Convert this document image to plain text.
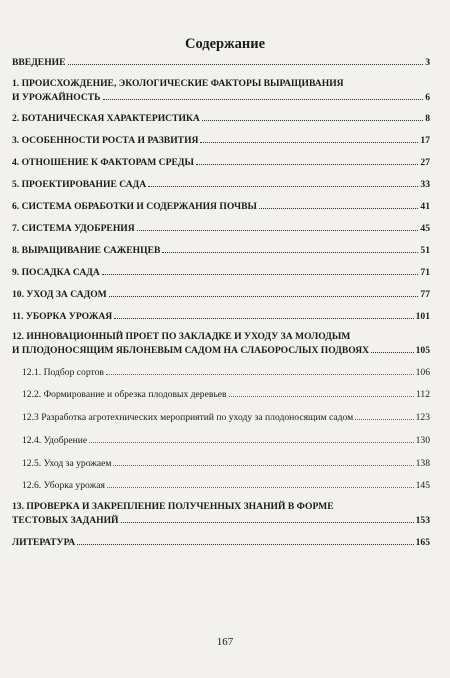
Содержание
ВВЕДЕНИЕ	3
1. ПРОИСХОЖДЕНИЕ, ЭКОЛОГИЧЕСКИЕ ФАКТОРЫ ВЫРАЩИВАНИЯ
И УРОЖАЙНОСТЬ	6
2. БОТАНИЧЕСКАЯ ХАРАКТЕРИСТИКА	8
3. ОСОБЕННОСТИ РОСТА И РАЗВИТИЯ	17
4. ОТНОШЕНИЕ К ФАКТОРАМ СРЕДЫ	27
5. ПРОЕКТИРОВАНИЕ САДА	33
6. СИСТЕМА ОБРАБОТКИ И СОДЕРЖАНИЯ ПОЧВЫ	41
7. СИСТЕМА УДОБРЕНИЯ	45
8. ВЫРАЩИВАНИЕ САЖЕНЦЕВ	51
9. ПОСАДКА САДА	71
10. УХОД ЗА САДОМ	77
11. УБОРКА УРОЖАЯ	101
12. ИННОВАЦИОННЫЙ ПРОЕТ ПО ЗАКЛАДКЕ И УХОДУ ЗА МОЛОДЫМ
И ПЛОДОНОСЯЩИМ ЯБЛОНЕВЫМ САДОМ НА СЛАБОРОСЛЫХ ПОДВОЯХ	105
12.1. Подбор сортов	106
12.2. Формирование и обрезка плодовых деревьев	112
12.3 Разработка агротехнических мероприятий по уходу за плодоносящим садом	123
12.4. Удобрение	130
12.5. Уход за урожаем	138
12.6. Уборка урожая	145
13. ПРОВЕРКА И ЗАКРЕПЛЕНИЕ ПОЛУЧЕННЫХ ЗНАНИЙ В ФОРМЕ
ТЕСТОВЫХ ЗАДАНИЙ	153
ЛИТЕРАТУРА	165
167
